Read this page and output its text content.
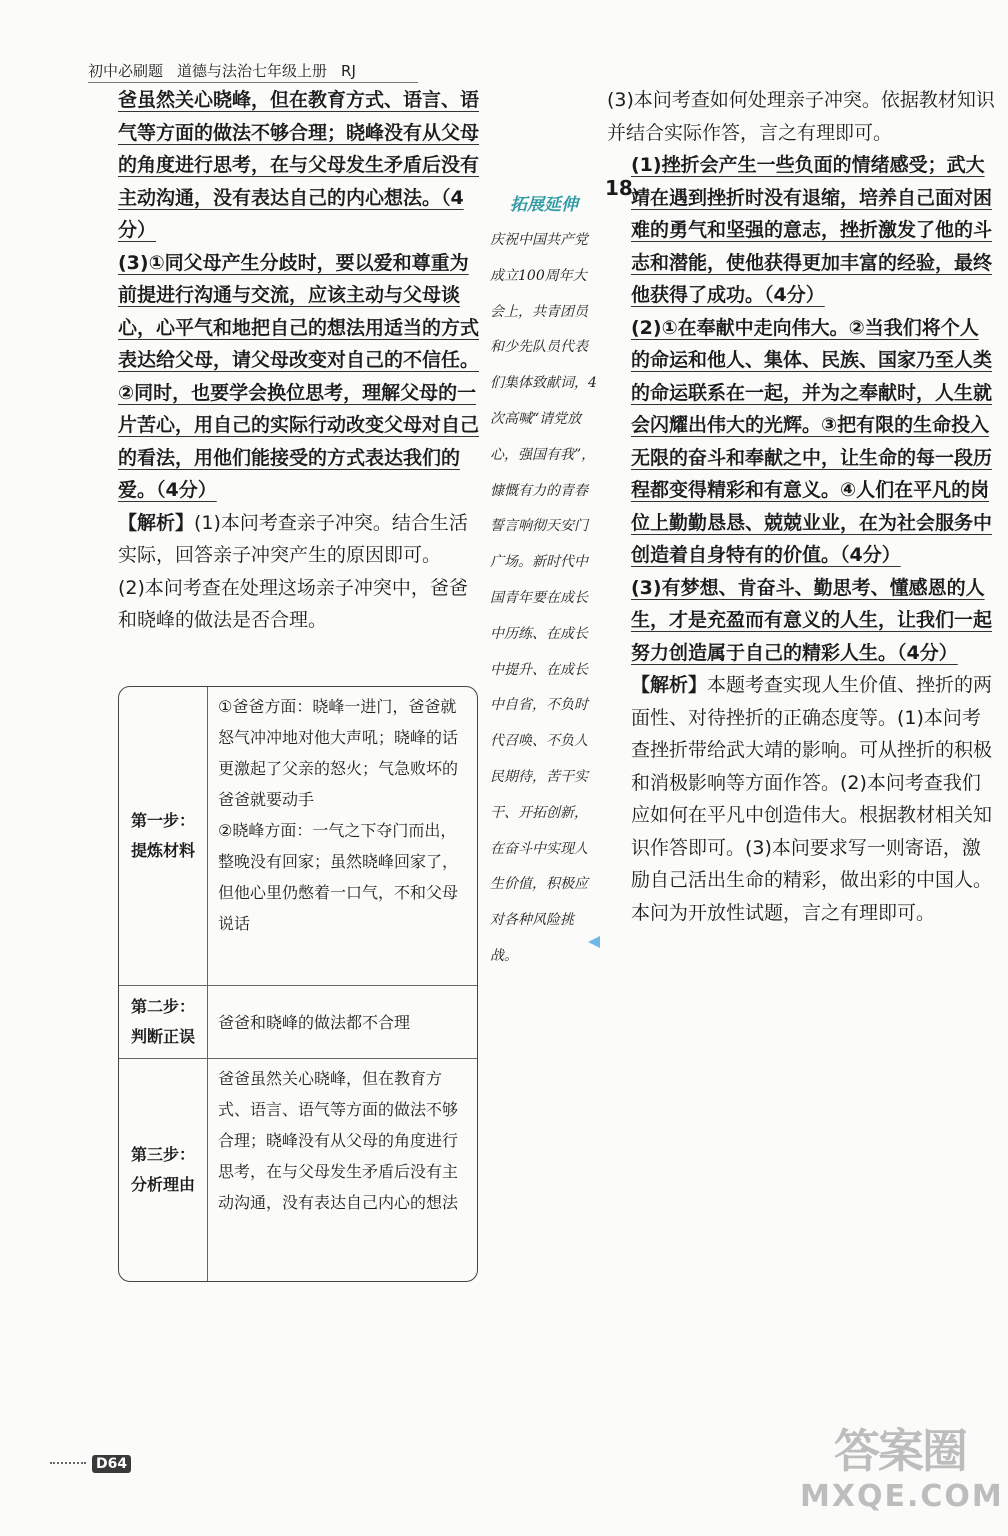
初中必刷题 道德与法治七年级上册 RJ

爸虽然关心晓峰，但在教育方式、语言、语气等方面的做法不够合理；晓峰没有从父母的角度进行思考，在与父母发生矛盾后没有主动沟通，没有表达自己的内心想法。（4分）

(3)①同父母产生分歧时，要以爱和尊重为前提进行沟通与交流，应该主动与父母谈心，心平气和地把自己的想法用适当的方式表达给父母，请父母改变对自己的不信任。②同时，也要学会换位思考，理解父母的一片苦心，用自己的实际行动改变父母对自己的看法，用他们能接受的方式表达我们的爱。（4分）

【解析】(1)本问考查亲子冲突。结合生活实际，回答亲子冲突产生的原因即可。

(2)本问考查在处理这场亲子冲突中，爸爸和晓峰的做法是否合理。

第一步：
提炼材料
①爸爸方面：晓峰一进门，爸爸就怒气冲冲地对他大声吼；晓峰的话更激起了父亲的怒火；气急败坏的爸爸就要动手
②晓峰方面：一气之下夺门而出，整晚没有回家；虽然晓峰回家了，但他心里仍憋着一口气，不和父母说话
第二步：
判断正误
爸爸和晓峰的做法都不合理
第三步：
分析理由
爸爸虽然关心晓峰，但在教育方式、语言、语气等方面的做法不够合理；晓峰没有从父母的角度进行思考，在与父母发生矛盾后没有主动沟通，没有表达自己内心的想法
拓展延伸

庆祝中国共产党成立100周年大会上，共青团员和少先队员代表们集体致献词，4次高喊“请党放心，强国有我”，慷慨有力的青春誓言响彻天安门广场。新时代中国青年要在成长中历练、在成长中提升、在成长中自省，不负时代召唤、不负人民期待，苦干实干、开拓创新，在奋斗中实现人生价值，积极应对各种风险挑战。

18.

(3)本问考查如何处理亲子冲突。依据教材知识并结合实际作答，言之有理即可。

(1)挫折会产生一些负面的情绪感受；武大靖在遇到挫折时没有退缩，培养自己面对困难的勇气和坚强的意志，挫折激发了他的斗志和潜能，使他获得更加丰富的经验，最终他获得了成功。（4分）

(2)①在奉献中走向伟大。②当我们将个人的命运和他人、集体、民族、国家乃至人类的命运联系在一起，并为之奉献时，人生就会闪耀出伟大的光辉。③把有限的生命投入无限的奋斗和奉献之中，让生命的每一段历程都变得精彩和有意义。④人们在平凡的岗位上勤勤恳恳、兢兢业业，在为社会服务中创造着自身特有的价值。（4分）

(3)有梦想、肯奋斗、勤思考、懂感恩的人生，才是充盈而有意义的人生，让我们一起努力创造属于自己的精彩人生。（4分）

【解析】本题考查实现人生价值、挫折的两面性、对待挫折的正确态度等。(1)本问考查挫折带给武大靖的影响。可从挫折的积极和消极影响等方面作答。(2)本问考查我们应如何在平凡中创造伟大。根据教材相关知识作答即可。(3)本问要求写一则寄语，激励自己活出生命的精彩，做出彩的中国人。本问为开放性试题，言之有理即可。

D64	答案圈
MXQE.COM
